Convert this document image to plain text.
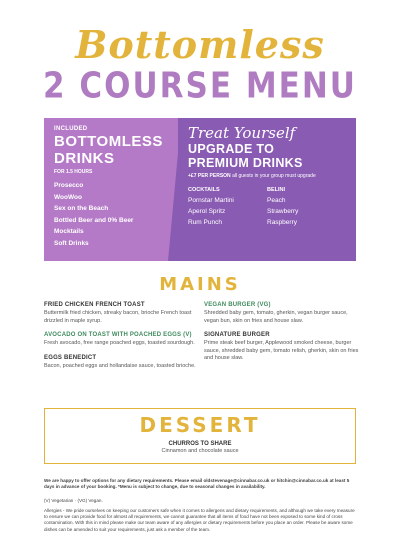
Bottomless
2 COURSE MENU
INCLUDED
BOTTOMLESS
DRINKS
FOR 1.5 HOURS
Prosecco
WooWoo
Sex on the Beach
Bottled Beer and 0% Beer
Mocktails
Soft Drinks
Treat Yourself
UPGRADE TO
PREMIUM DRINKS
+£7 PER PERSON all guests in your group must upgrade
COCKTAILS
Pornstar Martini
Aperol Spritz
Rum Punch
BELINI
Peach
Strawberry
Raspberry
MAINS
FRIED CHICKEN FRENCH TOAST
Buttermilk fried chicken, streaky bacon, brioche French toast drizzled in maple syrup.
AVOCADO ON TOAST WITH POACHED EGGS (V)
Fresh avocado, free range poached eggs, toasted sourdough.
EGGS BENEDICT
Bacon, poached eggs and hollandaise sauce, toasted brioche.
VEGAN BURGER (VG)
Shredded baby gem, tomato, gherkin, vegan burger sauce, vegan bun, skin on fries and house slaw.
SIGNATURE BURGER
Prime steak beef burger, Applewood smoked cheese, burger sauce, shredded baby gem, tomato relish, gherkin, skin on fries and house slaw.
DESSERT
CHURROS TO SHARE
Cinnamon and chocolate sauce
We are happy to offer options for any dietary requirements. Please email oldstevenage@cinnabar.co.uk or hitchin@cinnabar.co.uk at least 5 days in advance of your booking. *Menu is subject to change, due to seasonal changes in availability.
(V) Vegetarian · (VG) Vegan.
Allergies - We pride ourselves on keeping our customers safe when it comes to allergens and dietary requirements, and although we take every measure to ensure we can provide food for almost all requirements, we cannot guarantee that all items of food have not been exposed to some kind of cross contamination. With this in mind please make our team aware of any allergies or dietary requirements before you place an order. Please be aware some dishes can be amended to suit your requirements, just ask a member of the team.
